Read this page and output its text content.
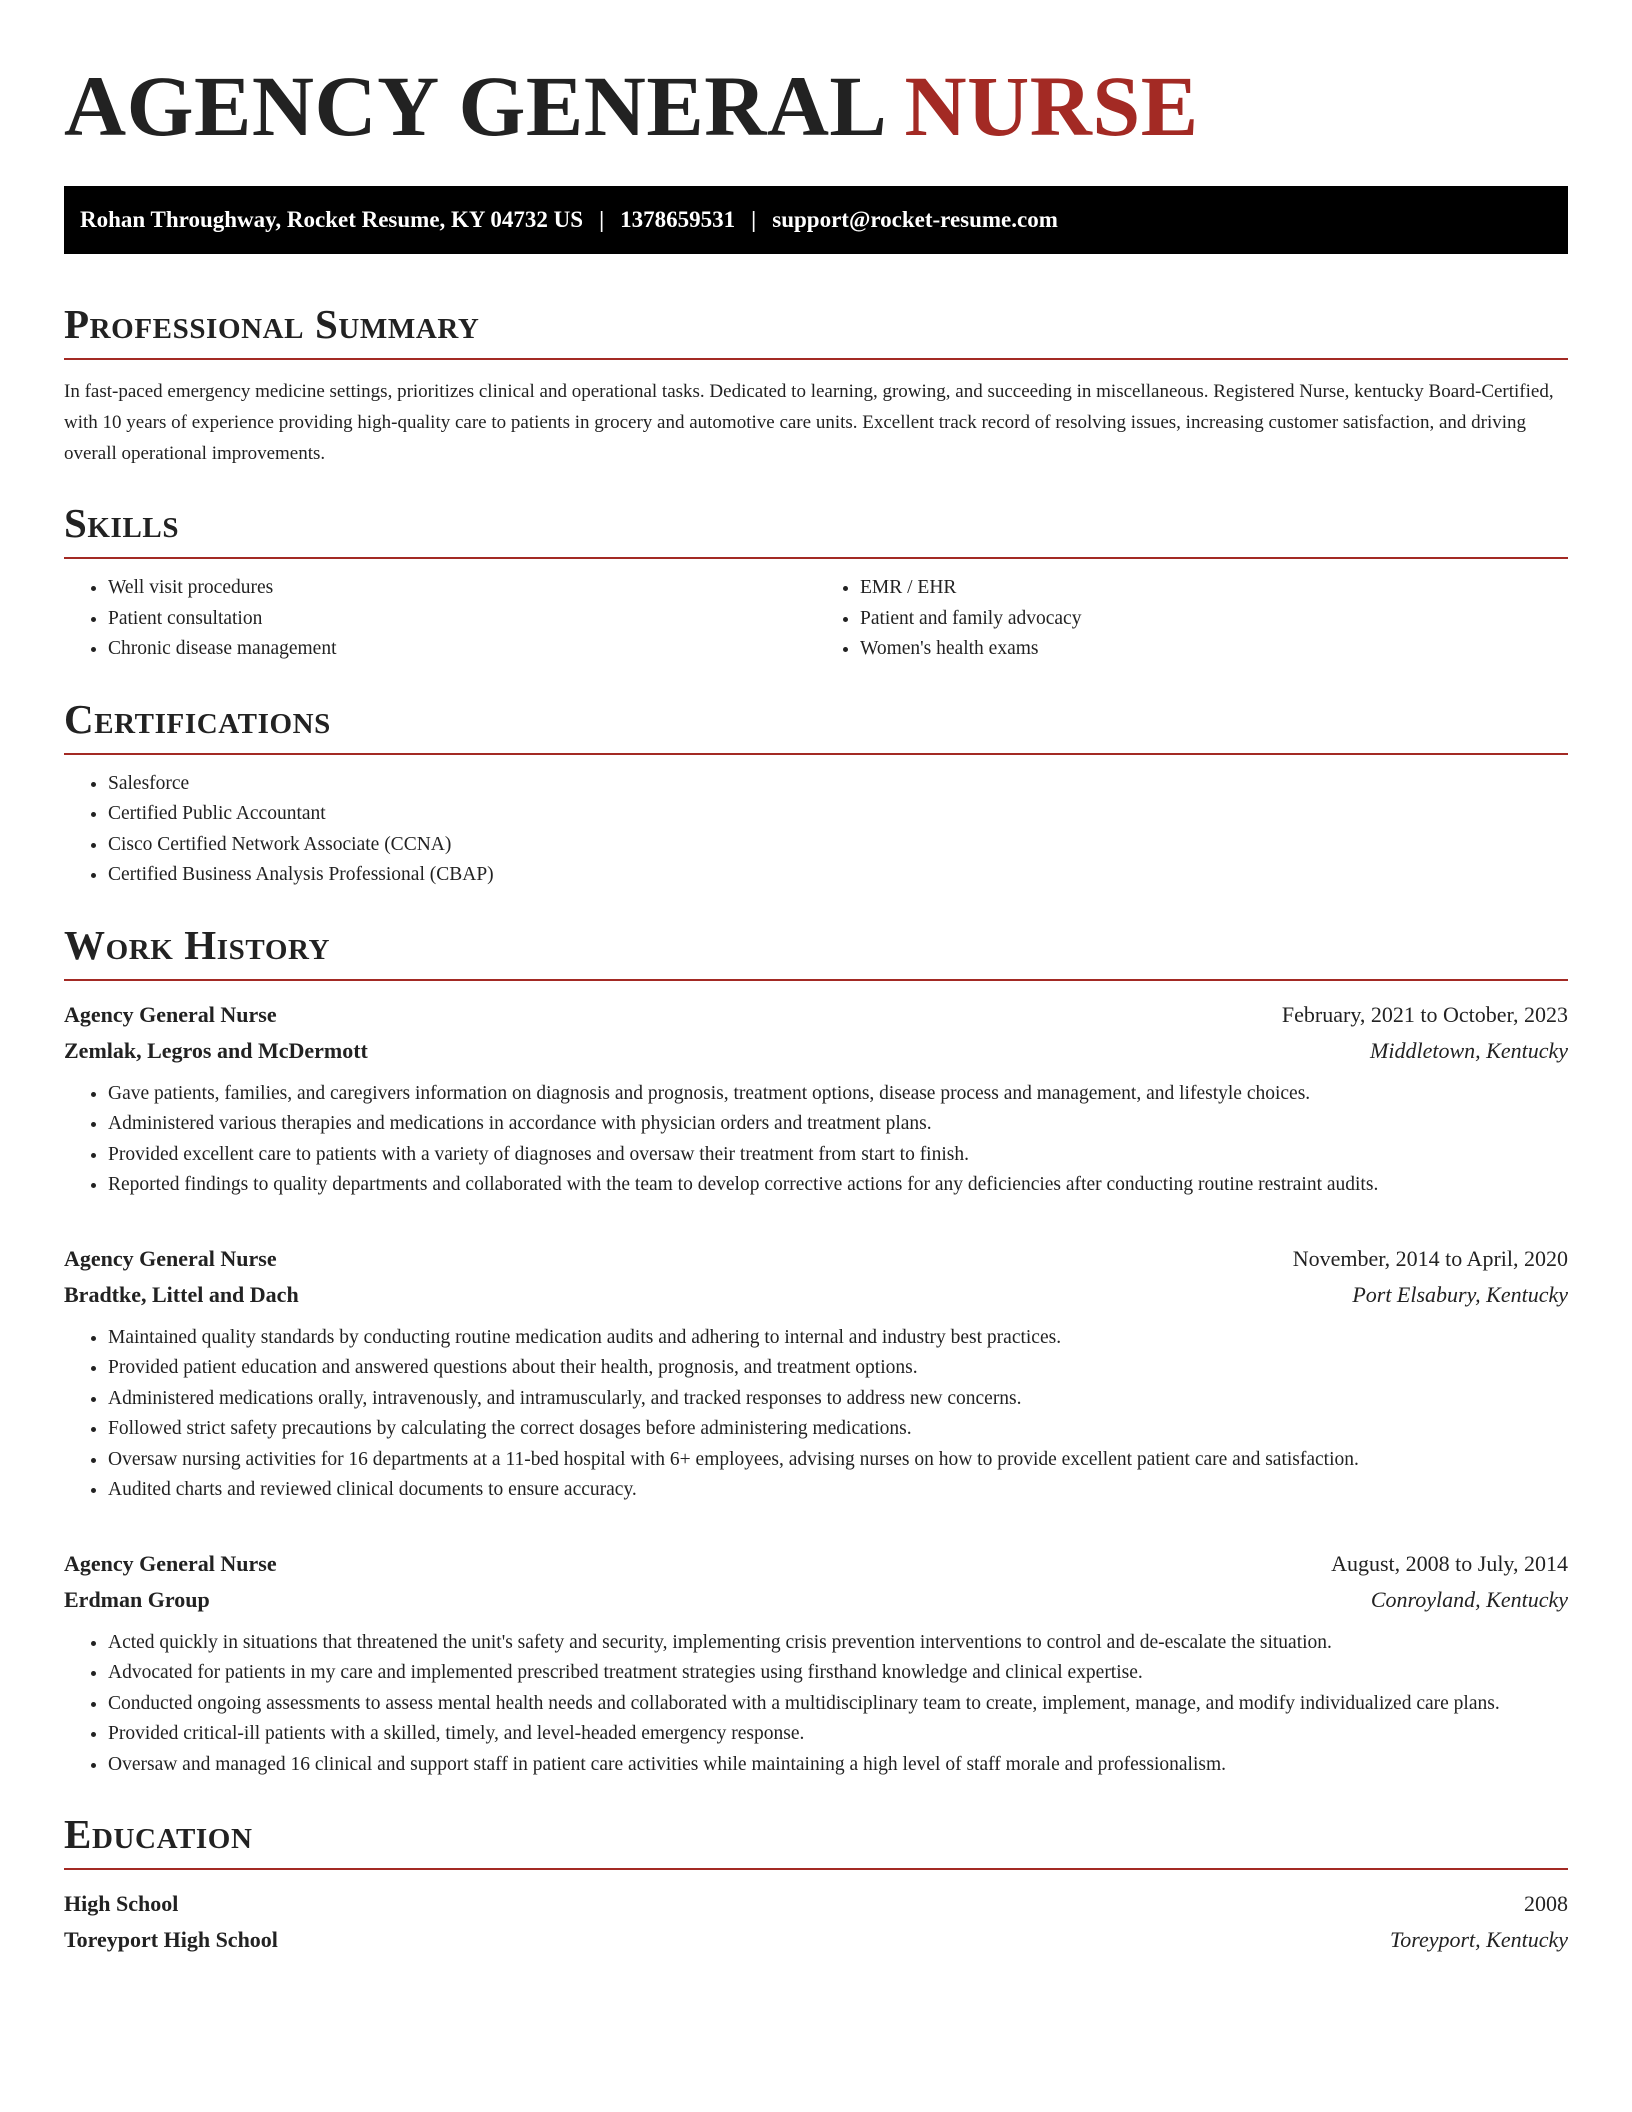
AGENCY GENERAL NURSE
Rohan Throughway, Rocket Resume, KY 04732 US | 1378659531 | support@rocket-resume.com
Professional Summary

In fast-paced emergency medicine settings, prioritizes clinical and operational tasks. Dedicated to learning, growing, and succeeding in miscellaneous. Registered Nurse, kentucky Board-Certified, with 10 years of experience providing high-quality care to patients in grocery and automotive care units. Excellent track record of resolving issues, increasing customer satisfaction, and driving overall operational improvements.

Skills
• Well visit procedures
• Patient consultation
• Chronic disease management
• EMR / EHR
• Patient and family advocacy
• Women's health exams
Certifications
• Salesforce
• Certified Public Accountant
• Cisco Certified Network Associate (CCNA)
• Certified Business Analysis Professional (CBAP)
Work History
Agency General Nurse	February, 2021 to October, 2023
Zemlak, Legros and McDermott	Middletown, Kentucky
• Gave patients, families, and caregivers information on diagnosis and prognosis, treatment options, disease process and management, and lifestyle choices.
• Administered various therapies and medications in accordance with physician orders and treatment plans.
• Provided excellent care to patients with a variety of diagnoses and oversaw their treatment from start to finish.
• Reported findings to quality departments and collaborated with the team to develop corrective actions for any deficiencies after conducting routine restraint audits.
Agency General Nurse	November, 2014 to April, 2020
Bradtke, Littel and Dach	Port Elsabury, Kentucky
• Maintained quality standards by conducting routine medication audits and adhering to internal and industry best practices.
• Provided patient education and answered questions about their health, prognosis, and treatment options.
• Administered medications orally, intravenously, and intramuscularly, and tracked responses to address new concerns.
• Followed strict safety precautions by calculating the correct dosages before administering medications.
• Oversaw nursing activities for 16 departments at a 11-bed hospital with 6+ employees, advising nurses on how to provide excellent patient care and satisfaction.
• Audited charts and reviewed clinical documents to ensure accuracy.
Agency General Nurse	August, 2008 to July, 2014
Erdman Group	Conroyland, Kentucky
• Acted quickly in situations that threatened the unit's safety and security, implementing crisis prevention interventions to control and de-escalate the situation.
• Advocated for patients in my care and implemented prescribed treatment strategies using firsthand knowledge and clinical expertise.
• Conducted ongoing assessments to assess mental health needs and collaborated with a multidisciplinary team to create, implement, manage, and modify individualized care plans.
• Provided critical-ill patients with a skilled, timely, and level-headed emergency response.
• Oversaw and managed 16 clinical and support staff in patient care activities while maintaining a high level of staff morale and professionalism.
Education
High School	2008
Toreyport High School	Toreyport, Kentucky
